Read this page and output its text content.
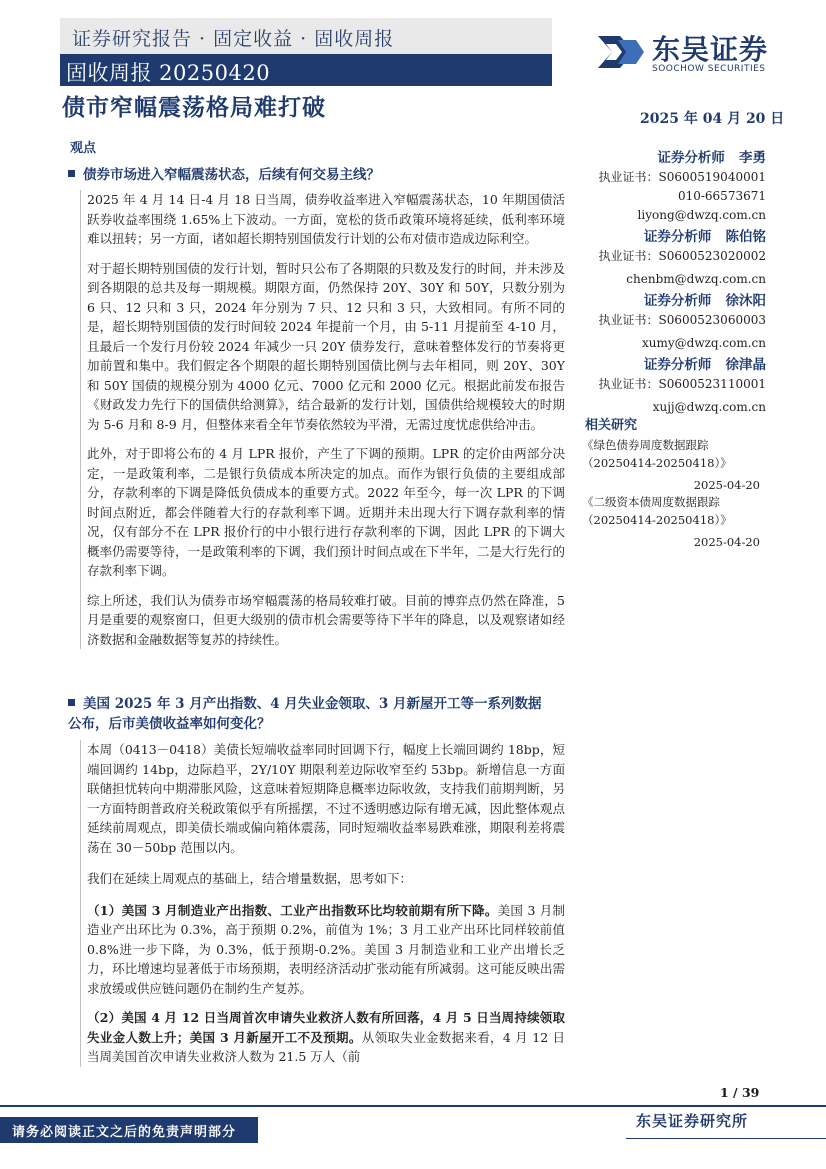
证券研究报告 · 固定收益 · 固收周报
固收周报 20250420
东吴证券
SOOCHOW SECURITIES
债市窄幅震荡格局难打破	2025 年 04 月 20 日
观点
债券市场进入窄幅震荡状态，后续有何交易主线？
2025 年 4 月 14 日-4 月 18 日当周，债券收益率进入窄幅震荡状态，10 年期国债活跃券收益率围绕 1.65%上下波动。一方面，宽松的货币政策环境将延续，低利率环境难以扭转；另一方面，诸如超长期特别国债发行计划的公布对债市造成边际利空。
对于超长期特别国债的发行计划，暂时只公布了各期限的只数及发行的时间，并未涉及到各期限的总共及每一期规模。期限方面，仍然保持 20Y、30Y 和 50Y，只数分别为 6 只、12 只和 3 只，2024 年分别为 7 只、12 只和 3 只，大致相同。有所不同的是，超长期特别国债的发行时间较 2024 年提前一个月，由 5-11 月提前至 4-10 月，且最后一个发行月份较 2024 年减少一只 20Y 债券发行，意味着整体发行的节奏将更加前置和集中。我们假定各个期限的超长期特别国债比例与去年相同，则 20Y、30Y 和 50Y 国债的规模分别为 4000 亿元、7000 亿元和 2000 亿元。根据此前发布报告《财政发力先行下的国债供给测算》，结合最新的发行计划，国债供给规模较大的时期为 5-6 月和 8-9 月，但整体来看全年节奏依然较为平滑，无需过度忧虑供给冲击。
此外，对于即将公布的 4 月 LPR 报价，产生了下调的预期。LPR 的定价由两部分决定，一是政策利率，二是银行负债成本所决定的加点。而作为银行负债的主要组成部分，存款利率的下调是降低负债成本的重要方式。2022 年至今，每一次 LPR 的下调时间点附近，都会伴随着大行的存款利率下调。近期并未出现大行下调存款利率的情况，仅有部分不在 LPR 报价行的中小银行进行存款利率的下调，因此 LPR 的下调大概率仍需要等待，一是政策利率的下调，我们预计时间点或在下半年，二是大行先行的存款利率下调。
综上所述，我们认为债券市场窄幅震荡的格局较难打破。目前的博弈点仍然在降准，5 月是重要的观察窗口，但更大级别的债市机会需要等待下半年的降息，以及观察诸如经济数据和金融数据等复苏的持续性。
美国 2025 年 3 月产出指数、4 月失业金领取、3 月新屋开工等一系列数据公布，后市美债收益率如何变化？
本周（0413－0418）美债长短端收益率同时回调下行，幅度上长端回调约 18bp，短端回调约 14bp，边际趋平，2Y/10Y 期限利差边际收窄至约 53bp。新增信息一方面联储担忧转向中期滞胀风险，这意味着短期降息概率边际收敛，支持我们前期判断，另一方面特朗普政府关税政策似乎有所摇摆，不过不透明感边际有增无减，因此整体观点延续前周观点，即美债长端或偏向箱体震荡，同时短端收益率易跌难涨，期限利差将震荡在 30－50bp 范围以内。
我们在延续上周观点的基础上，结合增量数据，思考如下：
（1）美国 3 月制造业产出指数、工业产出指数环比均较前期有所下降。美国 3 月制造业产出环比为 0.3%，高于预期 0.2%，前值为 1%；3 月工业产出环比同样较前值 0.8%进一步下降，为 0.3%，低于预期-0.2%。美国 3 月制造业和工业产出增长乏力，环比增速均显著低于市场预期，表明经济活动扩张动能有所减弱。这可能反映出需求放缓或供应链问题仍在制约生产复苏。
（2）美国 4 月 12 日当周首次申请失业救济人数有所回落，4 月 5 日当周持续领取失业金人数上升；美国 3 月新屋开工不及预期。从领取失业金数据来看，4 月 12 日当周美国首次申请失业救济人数为 21.5 万人（前
证券分析师 李勇
执业证书：S0600519040001
010-66573671
liyong@dwzq.com.cn
证券分析师 陈伯铭
执业证书：S0600523020002
chenbm@dwzq.com.cn
证券分析师 徐沐阳
执业证书：S0600523060003
xumy@dwzq.com.cn
证券分析师 徐津晶
执业证书：S0600523110001
xujj@dwzq.com.cn
相关研究
《绿色债券周度数据跟踪（20250414-20250418）》
2025-04-20
《二级资本债周度数据跟踪（20250414-20250418）》
2025-04-20
1 / 39
请务必阅读正文之后的免责声明部分
东吴证券研究所
